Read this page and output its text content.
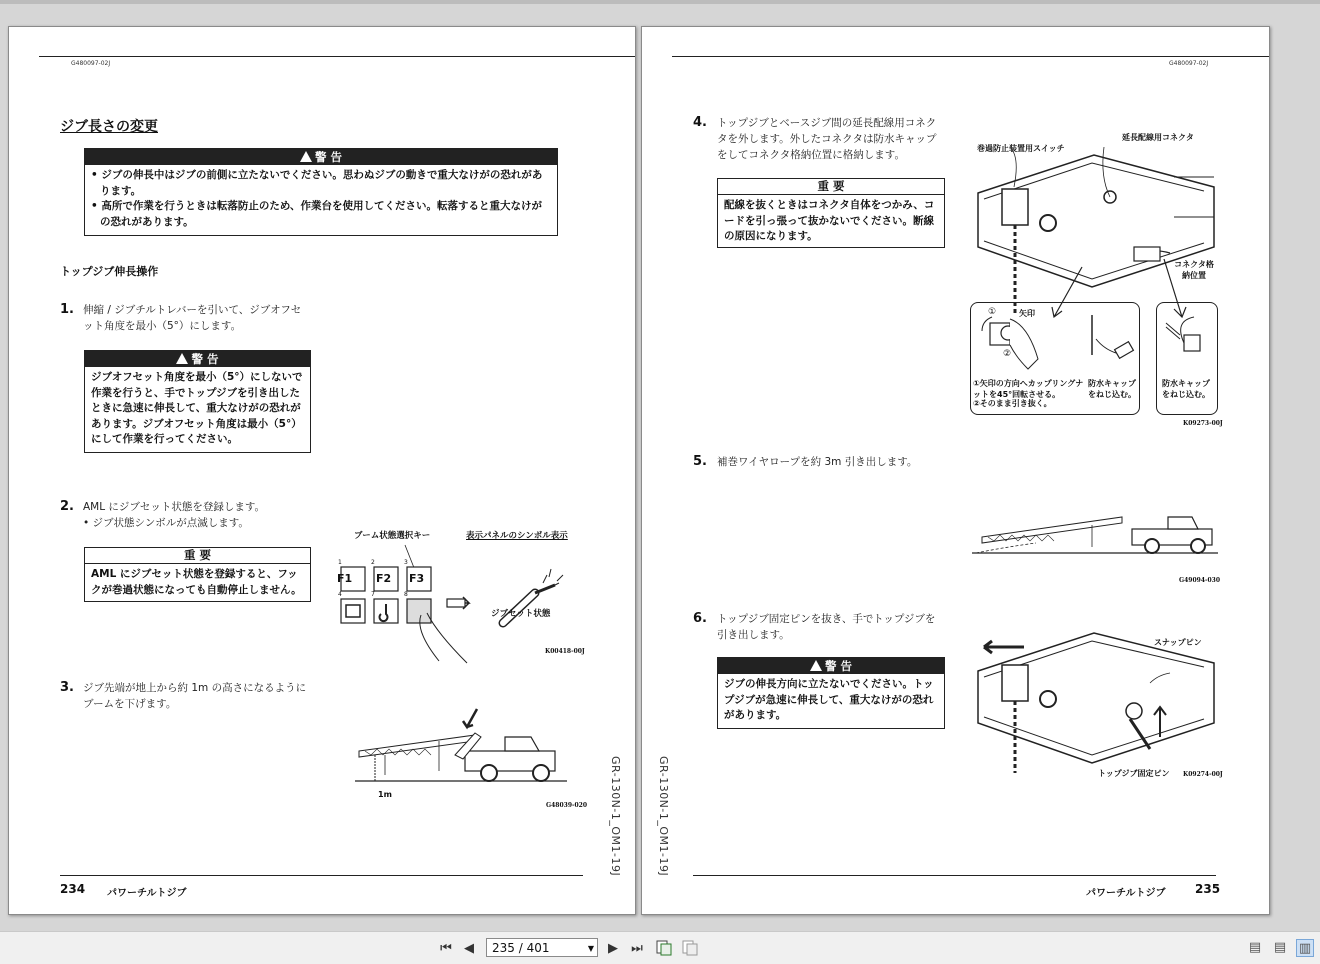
G480097-02J
ジブ長さの変更
警 告
• ジブの伸長中はジブの前側に立たないでください。思わぬジブの動きで重大なけがの恐れがあります。
• 高所で作業を行うときは転落防止のため、作業台を使用してください。転落すると重大なけがの恐れがあります。
トップジブ伸長操作
1. 伸縮 / ジブチルトレバーを引いて、ジブオフセット角度を最小（5°）にします。
警 告
ジブオフセット角度を最小（5°）にしないで作業を行うと、手でトップジブを引き出したときに急速に伸長して、重大なけがの恐れがあります。ジブオフセット角度は最小（5°）にして作業を行ってください。
2. AML にジブセット状態を登録します。
• ジブ状態シンボルが点滅します。
重 要
AML にジブセット状態を登録すると、フックが巻過状態になっても自動停止しません。
ブーム状態選択キー	表示パネルのシンボル表示
F1 F2 F3
1	2	3
4	7	8
ジブセット状態
K00418-00J
3. ジブ先端が地上から約 1m の高さになるようにブームを下げます。
1m
G48039-020 GR-130N-1_OM1-19J
234 パワーチルトジブ
G480097-02J
4. トップジブとベースジブ間の延長配線用コネクタを外します。外したコネクタは防水キャップをしてコネクタ格納位置に格納します。
重 要
配線を抜くときはコネクタ自体をつかみ、コードを引っ張って抜かないでください。断線の原因になります。
巻過防止装置用スイッチ
延長配線用コネクタ
コネクタ格納位置
①
②
矢印
①矢印の方向へカップリングナットを45°回転させる。
②そのまま引き抜く。
防水キャップをねじ込む。
防水キャップをねじ込む。
K09273-00J
5. 補巻ワイヤロープを約 3m 引き出します。
G49094-030
6. トップジブ固定ピンを抜き、手でトップジブを引き出します。
警 告
ジブの伸長方向に立たないでください。トップジブが急速に伸長して、重大なけがの恐れがあります。
スナップピン
トップジブ固定ピン K09274-00J
GR-130N-1_OM1-19J
パワーチルトジブ 235
⏮ ◀	235 / 401	▼ ▶ ⏭	▤ ▤ ▥
